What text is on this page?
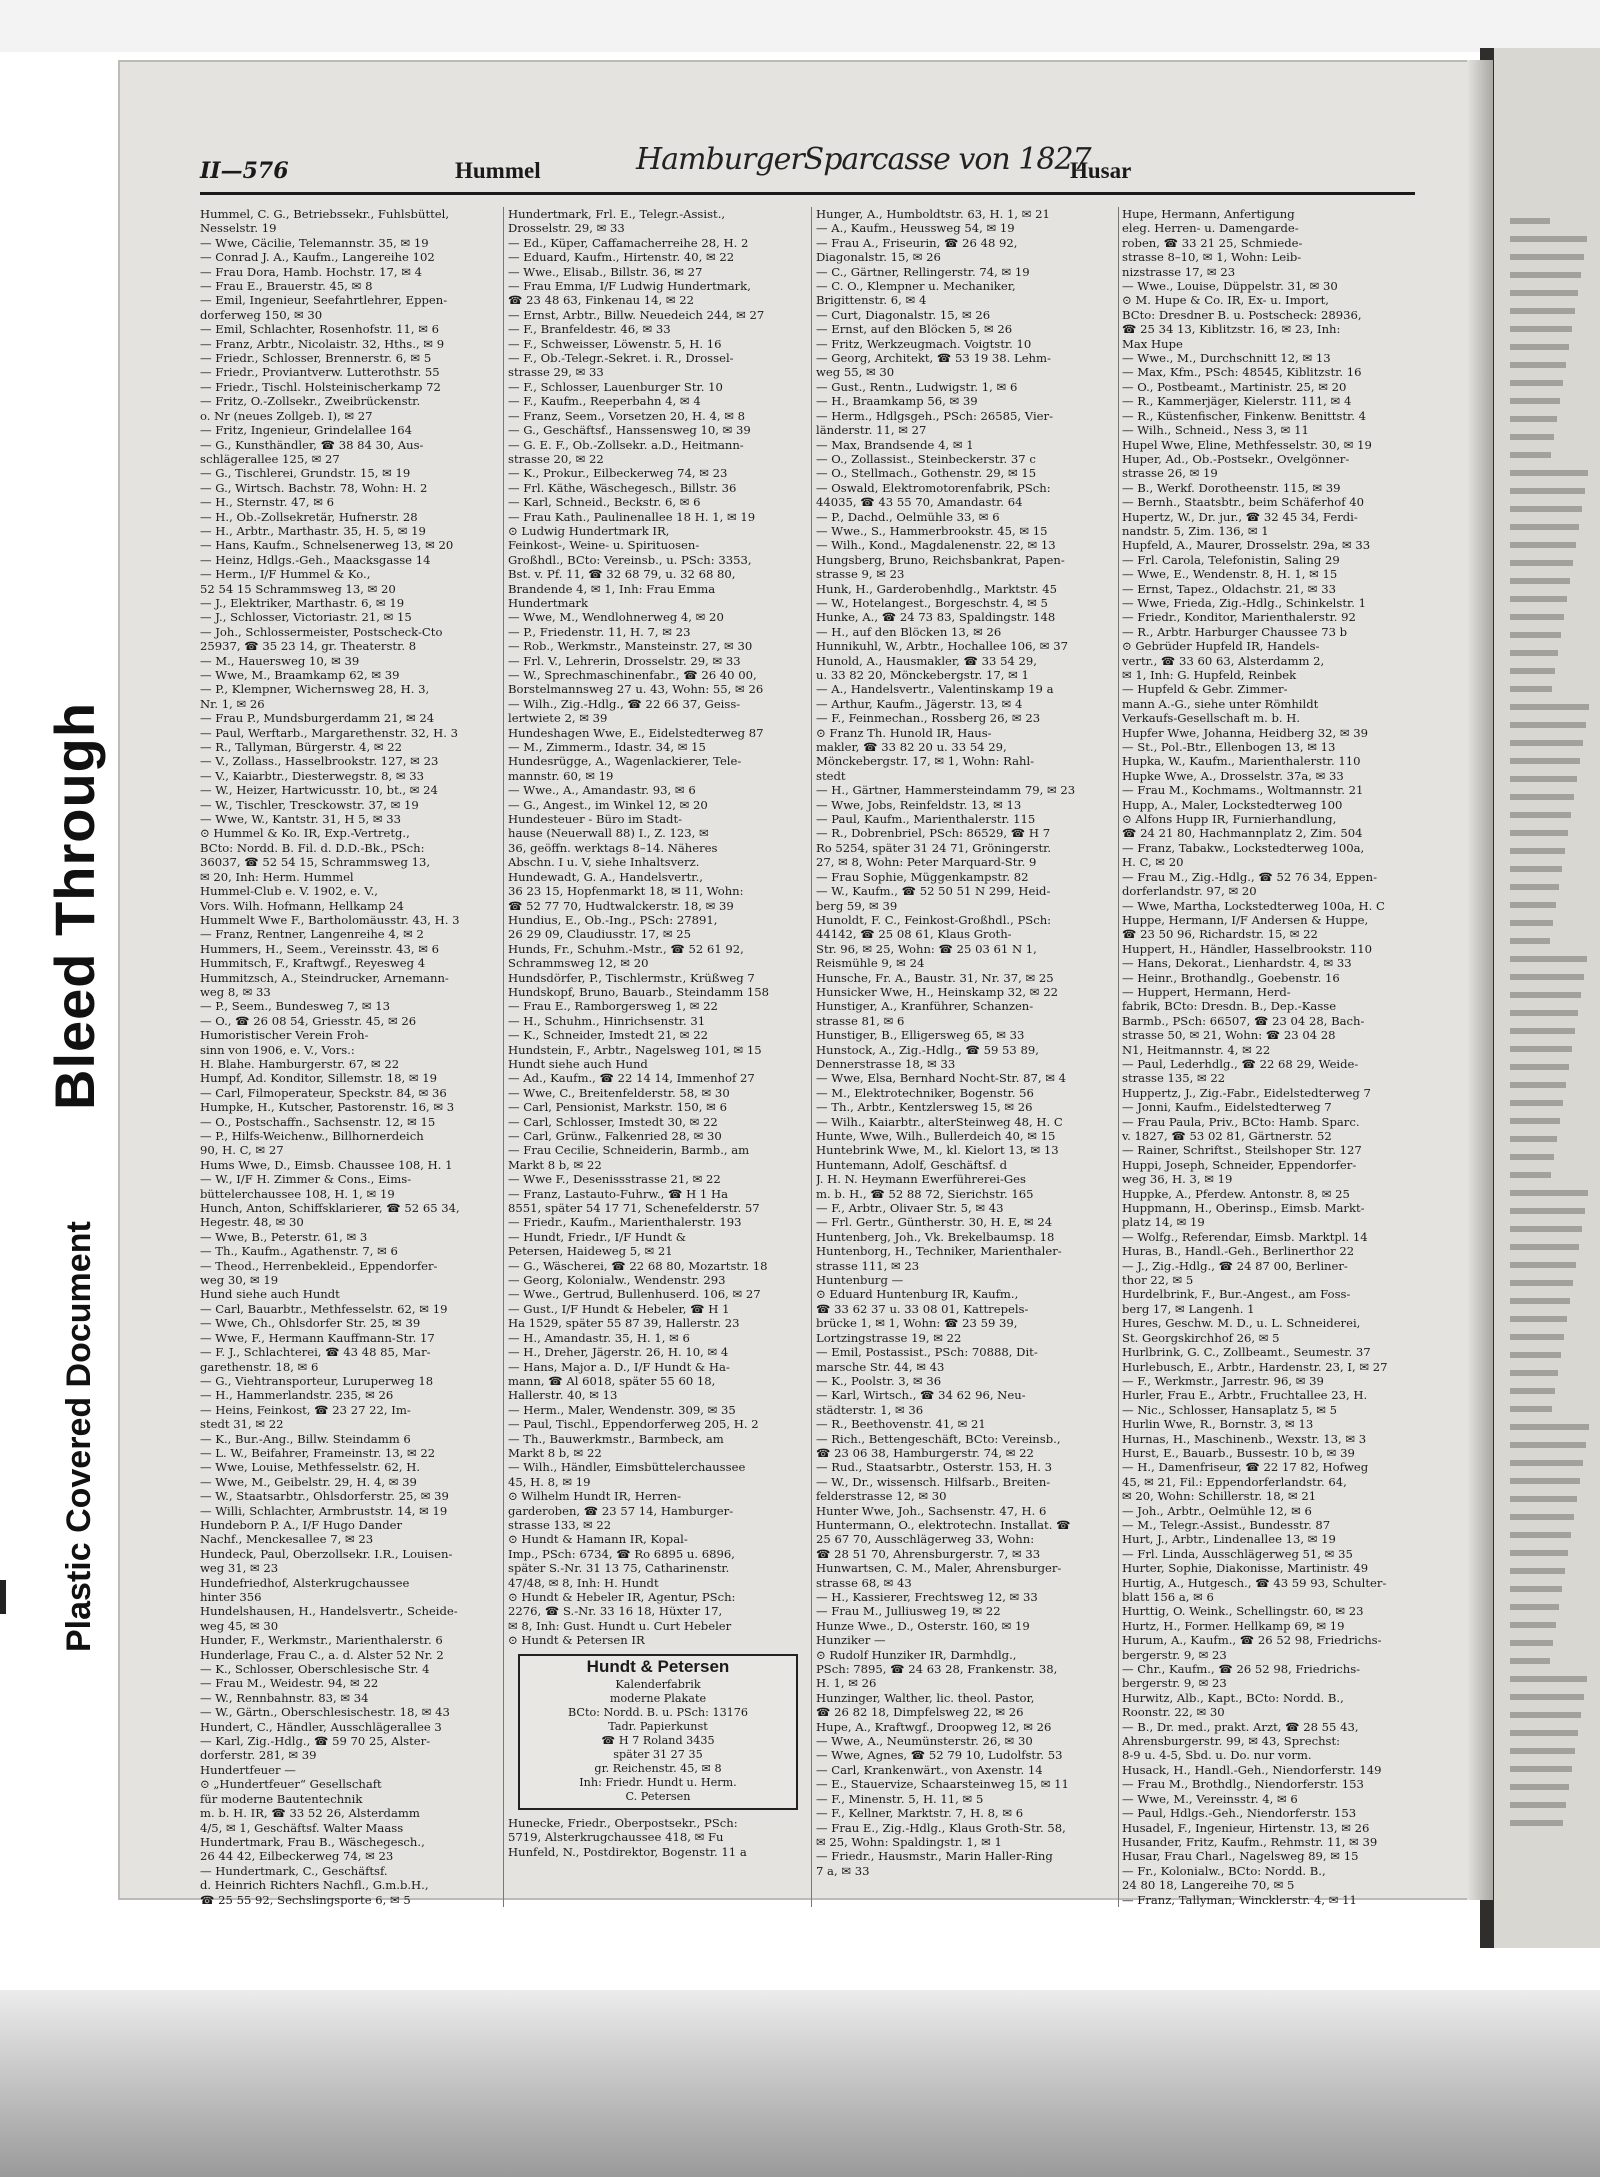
Bleed Through
Plastic Covered Document
II—576	Hummel	HamburgerSparcasse von 1827
Husar
Hummel, C. G., Betriebssekr., Fuhlsbüttel,
Nesselstr. 19
— Wwe, Cäcilie, Telemannstr. 35, ✉ 19
— Conrad J. A., Kaufm., Langereihe 102
— Frau Dora, Hamb. Hochstr. 17, ✉ 4
— Frau E., Brauerstr. 45, ✉ 8
— Emil, Ingenieur, Seefahrtlehrer, Eppen-
dorferweg 150, ✉ 30
— Emil, Schlachter, Rosenhofstr. 11, ✉ 6
— Franz, Arbtr., Nicolaistr. 32, Hths., ✉ 9
— Friedr., Schlosser, Brennerstr. 6, ✉ 5
— Friedr., Proviantverw. Lutterothstr. 55
— Friedr., Tischl. Holsteinischerkamp 72
— Fritz, O.-Zollsekr., Zweibrückenstr.
o. Nr (neues Zollgeb. I), ✉ 27
— Fritz, Ingenieur, Grindelallee 164
— G., Kunsthändler, ☎ 38 84 30, Aus-
schlägerallee 125, ✉ 27
— G., Tischlerei, Grundstr. 15, ✉ 19
— G., Wirtsch. Bachstr. 78, Wohn: H. 2
— H., Sternstr. 47, ✉ 6
— H., Ob.-Zollsekretär, Hufnerstr. 28
— H., Arbtr., Marthastr. 35, H. 5, ✉ 19
— Hans, Kaufm., Schnelsenerweg 13, ✉ 20
— Heinz, Hdlgs.-Geh., Maacksgasse 14
— Herm., I/F Hummel & Ko.,
52 54 15 Schrammsweg 13, ✉ 20
— J., Elektriker, Marthastr. 6, ✉ 19
— J., Schlosser, Victoriastr. 21, ✉ 15
— Joh., Schlossermeister, Postscheck-Cto
25937, ☎ 35 23 14, gr. Theaterstr. 8
— M., Hauersweg 10, ✉ 39
— Wwe, M., Braamkamp 62, ✉ 39
— P., Klempner, Wichernsweg 28, H. 3,
Nr. 1, ✉ 26
— Frau P., Mundsburgerdamm 21, ✉ 24
— Paul, Werftarb., Margarethenstr. 32, H. 3
— R., Tallyman, Bürgerstr. 4, ✉ 22
— V., Zollass., Hasselbrookstr. 127, ✉ 23
— V., Kaiarbtr., Diesterwegstr. 8, ✉ 33
— W., Heizer, Hartwicusstr. 10, bt., ✉ 24
— W., Tischler, Tresckowstr. 37, ✉ 19
— Wwe, W., Kantstr. 31, H 5, ✉ 33
⊙ Hummel & Ko. IR, Exp.-Vertretg.,
BCto: Nordd. B. Fil. d. D.D.-Bk., PSch:
36037, ☎ 52 54 15, Schrammsweg 13,
✉ 20, Inh: Herm. Hummel
Hummel-Club e. V. 1902, e. V.,
Vors. Wilh. Hofmann, Hellkamp 24
Hummelt Wwe F., Bartholomäusstr. 43, H. 3
— Franz, Rentner, Langenreihe 4, ✉ 2
Hummers, H., Seem., Vereinsstr. 43, ✉ 6
Hummitsch, F., Kraftwgf., Reyesweg 4
Hummitzsch, A., Steindrucker, Arnemann-
weg 8, ✉ 33
— P., Seem., Bundesweg 7, ✉ 13
— O., ☎ 26 08 54, Griesstr. 45, ✉ 26
Humoristischer Verein Froh-
sinn von 1906, e. V., Vors.:
H. Blahe. Hamburgerstr. 67, ✉ 22
Humpf, Ad. Konditor, Sillemstr. 18, ✉ 19
— Carl, Filmoperateur, Speckstr. 84, ✉ 36
Humpke, H., Kutscher, Pastorenstr. 16, ✉ 3
— O., Postschaffn., Sachsenstr. 12, ✉ 15
— P., Hilfs-Weichenw., Billhornerdeich
90, H. C, ✉ 27
Hums Wwe, D., Eimsb. Chaussee 108, H. 1
— W., I/F H. Zimmer & Cons., Eims-
büttelerchaussee 108, H. 1, ✉ 19
Hunch, Anton, Schiffsklarierer, ☎ 52 65 34,
Hegestr. 48, ✉ 30
— Wwe, B., Peterstr. 61, ✉ 3
— Th., Kaufm., Agathenstr. 7, ✉ 6
— Theod., Herrenbekleid., Eppendorfer-
weg 30, ✉ 19
Hund siehe auch Hundt
— Carl, Bauarbtr., Methfesselstr. 62, ✉ 19
— Wwe, Ch., Ohlsdorfer Str. 25, ✉ 39
— Wwe, F., Hermann Kauffmann-Str. 17
— F. J., Schlachterei, ☎ 43 48 85, Mar-
garethenstr. 18, ✉ 6
— G., Viehtransporteur, Luruperweg 18
— H., Hammerlandstr. 235, ✉ 26
— Heins, Feinkost, ☎ 23 27 22, Im-
stedt 31, ✉ 22
— K., Bur.-Ang., Billw. Steindamm 6
— L. W., Beifahrer, Frameinstr. 13, ✉ 22
— Wwe, Louise, Methfesselstr. 62, H.
— Wwe, M., Geibelstr. 29, H. 4, ✉ 39
— W., Staatsarbtr., Ohlsdorferstr. 25, ✉ 39
— Willi, Schlachter, Armbruststr. 14, ✉ 19
Hundeborn P. A., I/F Hugo Dander
Nachf., Menckesallee 7, ✉ 23
Hundeck, Paul, Oberzollsekr. I.R., Louisen-
weg 31, ✉ 23
Hundefriedhof, Alsterkrugchaussee
hinter 356
Hundelshausen, H., Handelsvertr., Scheide-
weg 45, ✉ 30
Hunder, F., Werkmstr., Marienthalerstr. 6
Hunderlage, Frau C., a. d. Alster 52 Nr. 2
— K., Schlosser, Oberschlesische Str. 4
— Frau M., Weidestr. 94, ✉ 22
— W., Rennbahnstr. 83, ✉ 34
— W., Gärtn., Oberschlesischestr. 18, ✉ 43
Hundert, C., Händler, Ausschlägerallee 3
— Karl, Zig.-Hdlg., ☎ 59 70 25, Alster-
dorferstr. 281, ✉ 39
Hundertfeuer —
⊙ „Hundertfeuer“ Gesellschaft
für moderne Bautentechnik
m. b. H. IR, ☎ 33 52 26, Alsterdamm
4/5, ✉ 1, Geschäftsf. Walter Maass
Hundertmark, Frau B., Wäschegesch.,
26 44 42, Eilbeckerweg 74, ✉ 23
— Hundertmark, C., Geschäftsf.
d. Heinrich Richters Nachfl., G.m.b.H.,
☎ 25 55 92, Sechslingsporte 6, ✉ 5
Hundertmark, Frl. E., Telegr.-Assist.,
Drosselstr. 29, ✉ 33
— Ed., Küper, Caffamacherreihe 28, H. 2
— Eduard, Kaufm., Hirtenstr. 40, ✉ 22
— Wwe., Elisab., Billstr. 36, ✉ 27
— Frau Emma, I/F Ludwig Hundertmark,
☎ 23 48 63, Finkenau 14, ✉ 22
— Ernst, Arbtr., Billw. Neuedeich 244, ✉ 27
— F., Branfeldestr. 46, ✉ 33
— F., Schweisser, Löwenstr. 5, H. 16
— F., Ob.-Telegr.-Sekret. i. R., Drossel-
strasse 29, ✉ 33
— F., Schlosser, Lauenburger Str. 10
— F., Kaufm., Reeperbahn 4, ✉ 4
— Franz, Seem., Vorsetzen 20, H. 4, ✉ 8
— G., Geschäftsf., Hanssensweg 10, ✉ 39
— G. E. F., Ob.-Zollsekr. a.D., Heitmann-
strasse 20, ✉ 22
— K., Prokur., Eilbeckerweg 74, ✉ 23
— Frl. Käthe, Wäschegesch., Billstr. 36
— Karl, Schneid., Beckstr. 6, ✉ 6
— Frau Kath., Paulinenallee 18 H. 1, ✉ 19
⊙ Ludwig Hundertmark IR,
Feinkost-, Weine- u. Spirituosen-
Großhdl., BCto: Vereinsb., u. PSch: 3353,
Bst. v. Pf. 11, ☎ 32 68 79, u. 32 68 80,
Brandende 4, ✉ 1, Inh: Frau Emma
Hundertmark
— Wwe, M., Wendlohnerweg 4, ✉ 20
— P., Friedenstr. 11, H. 7, ✉ 23
— Rob., Werkmstr., Mansteinstr. 27, ✉ 30
— Frl. V., Lehrerin, Drosselstr. 29, ✉ 33
— W., Sprechmaschinenfabr., ☎ 26 40 00,
Borstelmannsweg 27 u. 43, Wohn: 55, ✉ 26
— Wilh., Zig.-Hdlg., ☎ 22 66 37, Geiss-
lertwiete 2, ✉ 39
Hundeshagen Wwe, E., Eidelstedterweg 87
— M., Zimmerm., Idastr. 34, ✉ 15
Hundesrügge, A., Wagenlackierer, Tele-
mannstr. 60, ✉ 19
— Wwe., A., Amandastr. 93, ✉ 6
— G., Angest., im Winkel 12, ✉ 20
Hundesteuer - Büro im Stadt-
hause (Neuerwall 88) I., Z. 123, ✉
36, geöffn. werktags 8–14. Näheres
Abschn. I u. V, siehe Inhaltsverz.
Hundewadt, G. A., Handelsvertr.,
36 23 15, Hopfenmarkt 18, ✉ 11, Wohn:
☎ 52 77 70, Hudtwalckerstr. 18, ✉ 39
Hundius, E., Ob.-Ing., PSch: 27891,
26 29 09, Claudiusstr. 17, ✉ 25
Hunds, Fr., Schuhm.-Mstr., ☎ 52 61 92,
Schrammsweg 12, ✉ 20
Hundsdörfer, P., Tischlermstr., Krüßweg 7
Hundskopf, Bruno, Bauarb., Steindamm 158
— Frau E., Ramborgersweg 1, ✉ 22
— H., Schuhm., Hinrichsenstr. 31
— K., Schneider, Imstedt 21, ✉ 22
Hundstein, F., Arbtr., Nagelsweg 101, ✉ 15
Hundt siehe auch Hund
— Ad., Kaufm., ☎ 22 14 14, Immenhof 27
— Wwe, C., Breitenfelderstr. 58, ✉ 30
— Carl, Pensionist, Markstr. 150, ✉ 6
— Carl, Schlosser, Imstedt 30, ✉ 22
— Carl, Grünw., Falkenried 28, ✉ 30
— Frau Cecilie, Schneiderin, Barmb., am
Markt 8 b, ✉ 22
— Wwe F., Desenissstrasse 21, ✉ 22
— Franz, Lastauto-Fuhrw., ☎ H 1 Ha
8551, später 54 17 71, Schenefelderstr. 57
— Friedr., Kaufm., Marienthalerstr. 193
— Hundt, Friedr., I/F Hundt &
Petersen, Haideweg 5, ✉ 21
— G., Wäscherei, ☎ 22 68 80, Mozartstr. 18
— Georg, Kolonialw., Wendenstr. 293
— Wwe., Gertrud, Bullenhuserd. 106, ✉ 27
— Gust., I/F Hundt & Hebeler, ☎ H 1
Ha 1529, später 55 87 39, Hallerstr. 23
— H., Amandastr. 35, H. 1, ✉ 6
— H., Dreher, Jägerstr. 26, H. 10, ✉ 4
— Hans, Major a. D., I/F Hundt & Ha-
mann, ☎ Al 6018, später 55 60 18,
Hallerstr. 40, ✉ 13
— Herm., Maler, Wendenstr. 309, ✉ 35
— Paul, Tischl., Eppendorferweg 205, H. 2
— Th., Bauwerkmstr., Barmbeck, am
Markt 8 b, ✉ 22
— Wilh., Händler, Eimsbüttelerchaussee
45, H. 8, ✉ 19
⊙ Wilhelm Hundt IR, Herren-
garderoben, ☎ 23 57 14, Hamburger-
strasse 133, ✉ 22
⊙ Hundt & Hamann IR, Kopal-
Imp., PSch: 6734, ☎ Ro 6895 u. 6896,
später S.-Nr. 31 13 75, Catharinenstr.
47/48, ✉ 8, Inh: H. Hundt
⊙ Hundt & Hebeler IR, Agentur, PSch:
2276, ☎ S.-Nr. 33 16 18, Hüxter 17,
✉ 8, Inh: Gust. Hundt u. Curt Hebeler
⊙ Hundt & Petersen IR
Hundt & Petersen
Kalenderfabrik
moderne Plakate
BCto: Nordd. B. u. PSch: 13176
Tadr. Papierkunst
☎ H 7 Roland 3435
später 31 27 35
gr. Reichenstr. 45, ✉ 8
Inh: Friedr. Hundt u. Herm.
C. Petersen
Hunecke, Friedr., Oberpostsekr., PSch:
5719, Alsterkrugchaussee 418, ✉ Fu
Hunfeld, N., Postdirektor, Bogenstr. 11 a
Hunger, A., Humboldtstr. 63, H. 1, ✉ 21
— A., Kaufm., Heussweg 54, ✉ 19
— Frau A., Friseurin, ☎ 26 48 92,
Diagonalstr. 15, ✉ 26
— C., Gärtner, Rellingerstr. 74, ✉ 19
— C. O., Klempner u. Mechaniker,
Brigittenstr. 6, ✉ 4
— Curt, Diagonalstr. 15, ✉ 26
— Ernst, auf den Blöcken 5, ✉ 26
— Fritz, Werkzeugmach. Voigtstr. 10
— Georg, Architekt, ☎ 53 19 38. Lehm-
weg 55, ✉ 30
— Gust., Rentn., Ludwigstr. 1, ✉ 6
— H., Braamkamp 56, ✉ 39
— Herm., Hdlgsgeh., PSch: 26585, Vier-
länderstr. 11, ✉ 27
— Max, Brandsende 4, ✉ 1
— O., Zollassist., Steinbeckerstr. 37 c
— O., Stellmach., Gothenstr. 29, ✉ 15
— Oswald, Elektromotorenfabrik, PSch:
44035, ☎ 43 55 70, Amandastr. 64
— P., Dachd., Oelmühle 33, ✉ 6
— Wwe., S., Hammerbrookstr. 45, ✉ 15
— Wilh., Kond., Magdalenenstr. 22, ✉ 13
Hungsberg, Bruno, Reichsbankrat, Papen-
strasse 9, ✉ 23
Hunk, H., Garderobenhdlg., Marktstr. 45
— W., Hotelangest., Borgeschstr. 4, ✉ 5
Hunke, A., ☎ 24 73 83, Spaldingstr. 148
— H., auf den Blöcken 13, ✉ 26
Hunnikuhl, W., Arbtr., Hochallee 106, ✉ 37
Hunold, A., Hausmakler, ☎ 33 54 29,
u. 33 82 20, Mönckebergstr. 17, ✉ 1
— A., Handelsvertr., Valentinskamp 19 a
— Arthur, Kaufm., Jägerstr. 13, ✉ 4
— F., Feinmechan., Rossberg 26, ✉ 23
⊙ Franz Th. Hunold IR, Haus-
makler, ☎ 33 82 20 u. 33 54 29,
Mönckebergstr. 17, ✉ 1, Wohn: Rahl-
stedt
— H., Gärtner, Hammersteindamm 79, ✉ 23
— Wwe, Jobs, Reinfeldstr. 13, ✉ 13
— Paul, Kaufm., Marienthalerstr. 115
— R., Dobrenbriel, PSch: 86529, ☎ H 7
Ro 5254, später 31 24 71, Gröningerstr.
27, ✉ 8, Wohn: Peter Marquard-Str. 9
— Frau Sophie, Müggenkampstr. 82
— W., Kaufm., ☎ 52 50 51 N 299, Heid-
berg 59, ✉ 39
Hunoldt, F. C., Feinkost-Großhdl., PSch:
44142, ☎ 25 08 61, Klaus Groth-
Str. 96, ✉ 25, Wohn: ☎ 25 03 61 N 1,
Reismühle 9, ✉ 24
Hunsche, Fr. A., Baustr. 31, Nr. 37, ✉ 25
Hunsicker Wwe, H., Heinskamp 32, ✉ 22
Hunstiger, A., Kranführer, Schanzen-
strasse 81, ✉ 6
Hunstiger, B., Elligersweg 65, ✉ 33
Hunstock, A., Zig.-Hdlg., ☎ 59 53 89,
Dennerstrasse 18, ✉ 33
— Wwe, Elsa, Bernhard Nocht-Str. 87, ✉ 4
— M., Elektrotechniker, Bogenstr. 56
— Th., Arbtr., Kentzlersweg 15, ✉ 26
— Wilh., Kaiarbtr., alterSteinweg 48, H. C
Hunte, Wwe, Wilh., Bullerdeich 40, ✉ 15
Huntebrink Wwe, M., kl. Kielort 13, ✉ 13
Huntemann, Adolf, Geschäftsf. d
J. H. N. Heymann Ewerführerei-Ges
m. b. H., ☎ 52 88 72, Sierichstr. 165
— F., Arbtr., Olivaer Str. 5, ✉ 43
— Frl. Gertr., Güntherstr. 30, H. E, ✉ 24
Huntenberg, Joh., Vk. Brekelbaumsp. 18
Huntenborg, H., Techniker, Marienthaler-
strasse 111, ✉ 23
Huntenburg —
⊙ Eduard Huntenburg IR, Kaufm.,
☎ 33 62 37 u. 33 08 01, Kattrepels-
brücke 1, ✉ 1, Wohn: ☎ 23 59 39,
Lortzingstrasse 19, ✉ 22
— Emil, Postassist., PSch: 70888, Dit-
marsche Str. 44, ✉ 43
— K., Poolstr. 3, ✉ 36
— Karl, Wirtsch., ☎ 34 62 96, Neu-
städterstr. 1, ✉ 36
— R., Beethovenstr. 41, ✉ 21
— Rich., Bettengeschäft, BCto: Vereinsb.,
☎ 23 06 38, Hamburgerstr. 74, ✉ 22
— Rud., Staatsarbtr., Osterstr. 153, H. 3
— W., Dr., wissensch. Hilfsarb., Breiten-
felderstrasse 12, ✉ 30
Hunter Wwe, Joh., Sachsenstr. 47, H. 6
Huntermann, O., elektrotechn. Installat. ☎
25 67 70, Ausschlägerweg 33, Wohn:
☎ 28 51 70, Ahrensburgerstr. 7, ✉ 33
Hunwartsen, C. M., Maler, Ahrensburger-
strasse 68, ✉ 43
— H., Kassierer, Frechtsweg 12, ✉ 33
— Frau M., Julliusweg 19, ✉ 22
Hunze Wwe., D., Osterstr. 160, ✉ 19
Hunziker —
⊙ Rudolf Hunziker IR, Darmhdlg.,
PSch: 7895, ☎ 24 63 28, Frankenstr. 38,
H. 1, ✉ 26
Hunzinger, Walther, lic. theol. Pastor,
☎ 26 82 18, Dimpfelsweg 22, ✉ 26
Hupe, A., Kraftwgf., Droopweg 12, ✉ 26
— Wwe, A., Neumünsterstr. 26, ✉ 30
— Wwe, Agnes, ☎ 52 79 10, Ludolfstr. 53
— Carl, Krankenwärt., von Axenstr. 14
— E., Stauervize, Schaarsteinweg 15, ✉ 11
— F., Minenstr. 5, H. 11, ✉ 5
— F., Kellner, Marktstr. 7, H. 8, ✉ 6
— Frau E., Zig.-Hdlg., Klaus Groth-Str. 58,
✉ 25, Wohn: Spaldingstr. 1, ✉ 1
— Friedr., Hausmstr., Marin Haller-Ring
7 a, ✉ 33
Hupe, Hermann, Anfertigung
eleg. Herren- u. Damengarde-
roben, ☎ 33 21 25, Schmiede-
strasse 8–10, ✉ 1, Wohn: Leib-
nizstrasse 17, ✉ 23
— Wwe., Louise, Düppelstr. 31, ✉ 30
⊙ M. Hupe & Co. IR, Ex- u. Import,
BCto: Dresdner B. u. Postscheck: 28936,
☎ 25 34 13, Kiblitzstr. 16, ✉ 23, Inh:
Max Hupe
— Wwe., M., Durchschnitt 12, ✉ 13
— Max, Kfm., PSch: 48545, Kiblitzstr. 16
— O., Postbeamt., Martinistr. 25, ✉ 20
— R., Kammerjäger, Kielerstr. 111, ✉ 4
— R., Küstenfischer, Finkenw. Benittstr. 4
— Wilh., Schneid., Ness 3, ✉ 11
Hupel Wwe, Eline, Methfesselstr. 30, ✉ 19
Huper, Ad., Ob.-Postsekr., Ovelgönner-
strasse 26, ✉ 19
— B., Werkf. Dorotheenstr. 115, ✉ 39
— Bernh., Staatsbtr., beim Schäferhof 40
Hupertz, W., Dr. jur., ☎ 32 45 34, Ferdi-
nandstr. 5, Zim. 136, ✉ 1
Hupfeld, A., Maurer, Drosselstr. 29a, ✉ 33
— Frl. Carola, Telefonistin, Saling 29
— Wwe, E., Wendenstr. 8, H. 1, ✉ 15
— Ernst, Tapez., Oldachstr. 21, ✉ 33
— Wwe, Frieda, Zig.-Hdlg., Schinkelstr. 1
— Friedr., Konditor, Marienthalerstr. 92
— R., Arbtr. Harburger Chaussee 73 b
⊙ Gebrüder Hupfeld IR, Handels-
vertr., ☎ 33 60 63, Alsterdamm 2,
✉ 1, Inh: G. Hupfeld, Reinbek
— Hupfeld & Gebr. Zimmer-
mann A.-G., siehe unter Römhildt
Verkaufs-Gesellschaft m. b. H.
Hupfer Wwe, Johanna, Heidberg 32, ✉ 39
— St., Pol.-Btr., Ellenbogen 13, ✉ 13
Hupka, W., Kaufm., Marienthalerstr. 110
Hupke Wwe, A., Drosselstr. 37a, ✉ 33
— Frau M., Kochmams., Woltmannstr. 21
Hupp, A., Maler, Lockstedterweg 100
⊙ Alfons Hupp IR, Furnierhandlung,
☎ 24 21 80, Hachmannplatz 2, Zim. 504
— Franz, Tabakw., Lockstedterweg 100a,
H. C, ✉ 20
— Frau M., Zig.-Hdlg., ☎ 52 76 34, Eppen-
dorferlandstr. 97, ✉ 20
— Wwe, Martha, Lockstedterweg 100a, H. C
Huppe, Hermann, I/F Andersen & Huppe,
☎ 23 50 96, Richardstr. 15, ✉ 22
Huppert, H., Händler, Hasselbrookstr. 110
— Hans, Dekorat., Lienhardstr. 4, ✉ 33
— Heinr., Brothandlg., Goebenstr. 16
— Huppert, Hermann, Herd-
fabrik, BCto: Dresdn. B., Dep.-Kasse
Barmb., PSch: 66507, ☎ 23 04 28, Bach-
strasse 50, ✉ 21, Wohn: ☎ 23 04 28
N1, Heitmannstr. 4, ✉ 22
— Paul, Lederhdlg., ☎ 22 68 29, Weide-
strasse 135, ✉ 22
Huppertz, J., Zig.-Fabr., Eidelstedterweg 7
— Jonni, Kaufm., Eidelstedterweg 7
— Frau Paula, Priv., BCto: Hamb. Sparc.
v. 1827, ☎ 53 02 81, Gärtnerstr. 52
— Rainer, Schriftst., Steilshoper Str. 127
Huppi, Joseph, Schneider, Eppendorfer-
weg 36, H. 3, ✉ 19
Huppke, A., Pferdew. Antonstr. 8, ✉ 25
Huppmann, H., Oberinsp., Eimsb. Markt-
platz 14, ✉ 19
— Wolfg., Referendar, Eimsb. Marktpl. 14
Huras, B., Handl.-Geh., Berlinerthor 22
— J., Zig.-Hdlg., ☎ 24 87 00, Berliner-
thor 22, ✉ 5
Hurdelbrink, F., Bur.-Angest., am Foss-
berg 17, ✉ Langenh. 1
Hures, Geschw. M. D., u. L. Schneiderei,
St. Georgskirchhof 26, ✉ 5
Hurlbrink, G. C., Zollbeamt., Seumestr. 37
Hurlebusch, E., Arbtr., Hardenstr. 23, I, ✉ 27
— F., Werkmstr., Jarrestr. 96, ✉ 39
Hurler, Frau E., Arbtr., Fruchtallee 23, H.
— Nic., Schlosser, Hansaplatz 5, ✉ 5
Hurlin Wwe, R., Bornstr. 3, ✉ 13
Hurnas, H., Maschinenb., Wexstr. 13, ✉ 3
Hurst, E., Bauarb., Bussestr. 10 b, ✉ 39
— H., Damenfriseur, ☎ 22 17 82, Hofweg
45, ✉ 21, Fil.: Eppendorferlandstr. 64,
✉ 20, Wohn: Schillerstr. 18, ✉ 21
— Joh., Arbtr., Oelmühle 12, ✉ 6
— M., Telegr.-Assist., Bundesstr. 87
Hurt, J., Arbtr., Lindenallee 13, ✉ 19
— Frl. Linda, Ausschlägerweg 51, ✉ 35
Hurter, Sophie, Diakonisse, Martinistr. 49
Hurtig, A., Hutgesch., ☎ 43 59 93, Schulter-
blatt 156 a, ✉ 6
Hurttig, O. Weink., Schellingstr. 60, ✉ 23
Hurtz, H., Former. Hellkamp 69, ✉ 19
Hurum, A., Kaufm., ☎ 26 52 98, Friedrichs-
bergerstr. 9, ✉ 23
— Chr., Kaufm., ☎ 26 52 98, Friedrichs-
bergerstr. 9, ✉ 23
Hurwitz, Alb., Kapt., BCto: Nordd. B.,
Roonstr. 22, ✉ 30
— B., Dr. med., prakt. Arzt, ☎ 28 55 43,
Ahrensburgerstr. 99, ✉ 43, Sprechst:
8-9 u. 4-5, Sbd. u. Do. nur vorm.
Husack, H., Handl.-Geh., Niendorferstr. 149
— Frau M., Brothdlg., Niendorferstr. 153
— Wwe, M., Vereinsstr. 4, ✉ 6
— Paul, Hdlgs.-Geh., Niendorferstr. 153
Husadel, F., Ingenieur, Hirtenstr. 13, ✉ 26
Husander, Fritz, Kaufm., Rehmstr. 11, ✉ 39
Husar, Frau Charl., Nagelsweg 89, ✉ 15
— Fr., Kolonialw., BCto: Nordd. B.,
24 80 18, Langereihe 70, ✉ 5
— Franz, Tallyman, Wincklerstr. 4, ✉ 11
